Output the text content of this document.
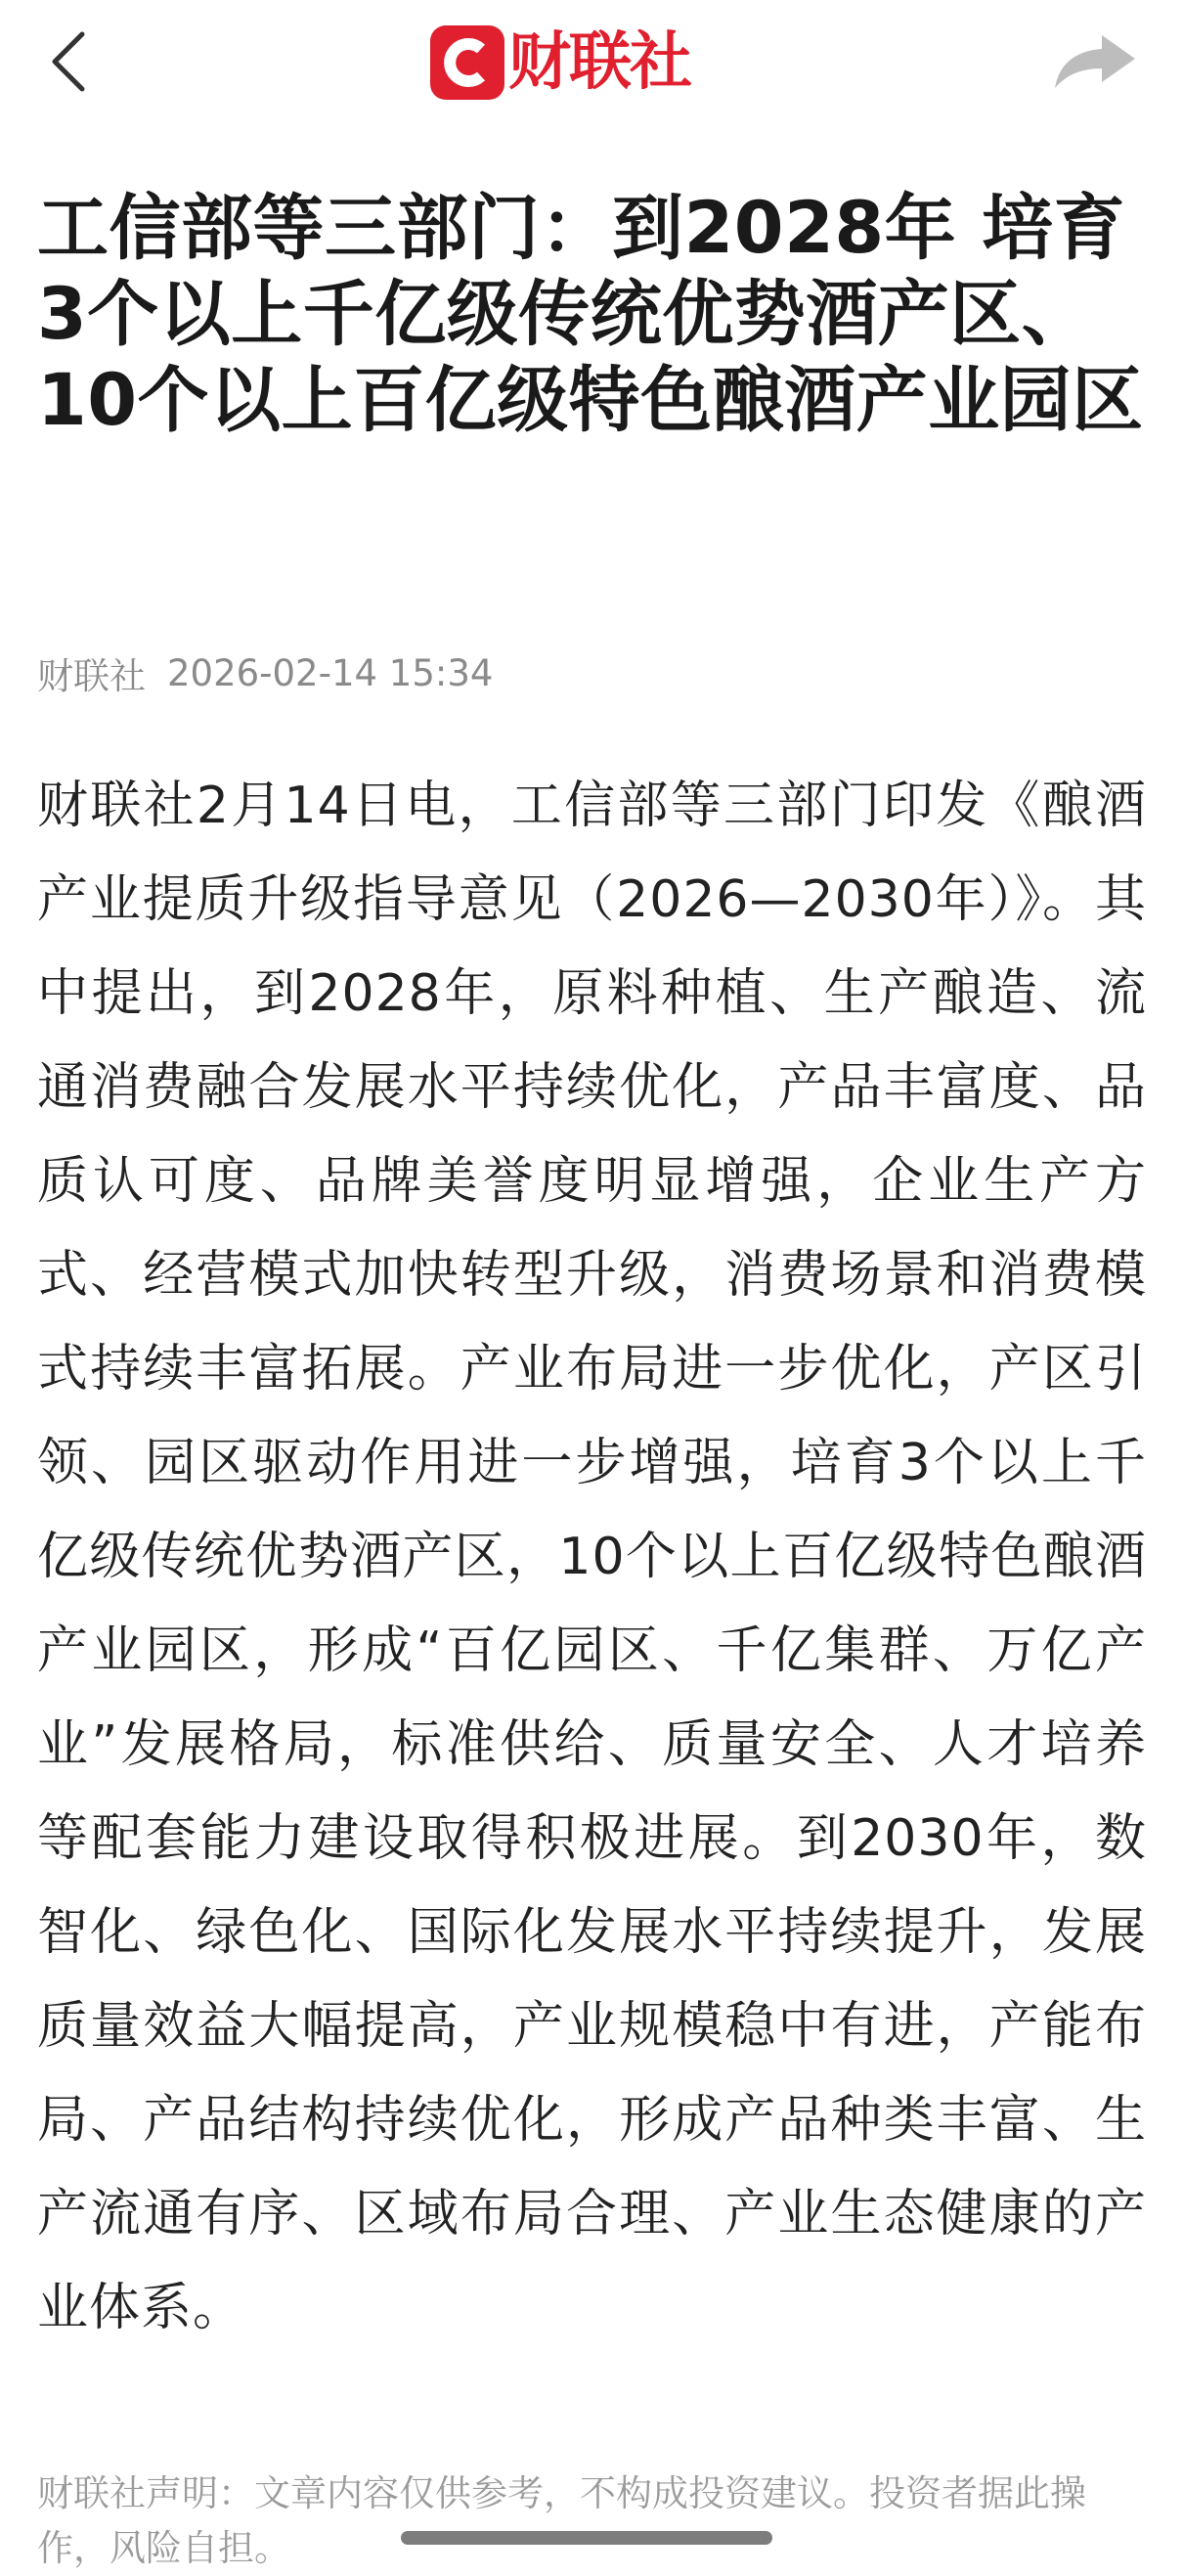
财联社
工信部等三部门：到2028年 培育3个以上千亿级传统优势酒产区、10个以上百亿级特色酿酒产业园区
财联社 2026-02-14 15:34

财联社2月14日电，工信部等三部门印发《酿酒产业提质升级指导意见（2026—2030年）》。其中提出，到2028年，原料种植、生产酿造、流通消费融合发展水平持续优化，产品丰富度、品质认可度、品牌美誉度明显增强，企业生产方式、经营模式加快转型升级，消费场景和消费模式持续丰富拓展。产业布局进一步优化，产区引领、园区驱动作用进一步增强，培育3个以上千亿级传统优势酒产区，10个以上百亿级特色酿酒产业园区，形成“百亿园区、千亿集群、万亿产业”发展格局，标准供给、质量安全、人才培养等配套能力建设取得积极进展。到2030年，数智化、绿色化、国际化发展水平持续提升，发展质量效益大幅提高，产业规模稳中有进，产能布局、产品结构持续优化，形成产品种类丰富、生产流通有序、区域布局合理、产业生态健康的产业体系。

财联社声明：文章内容仅供参考，不构成投资建议。投资者据此操作，风险自担。
